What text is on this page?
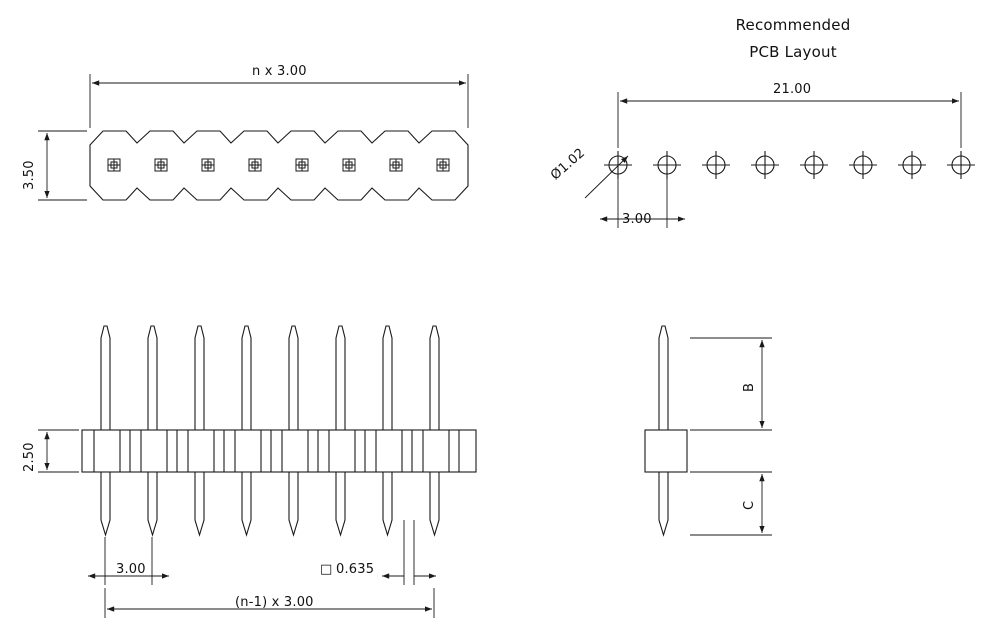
Recommended
PCB Layout
n x 3.00
3.50
21.00
3.00
Ø1.02
2.50
3.00	□ 0.635
(n-1) x 3.00
B
C
